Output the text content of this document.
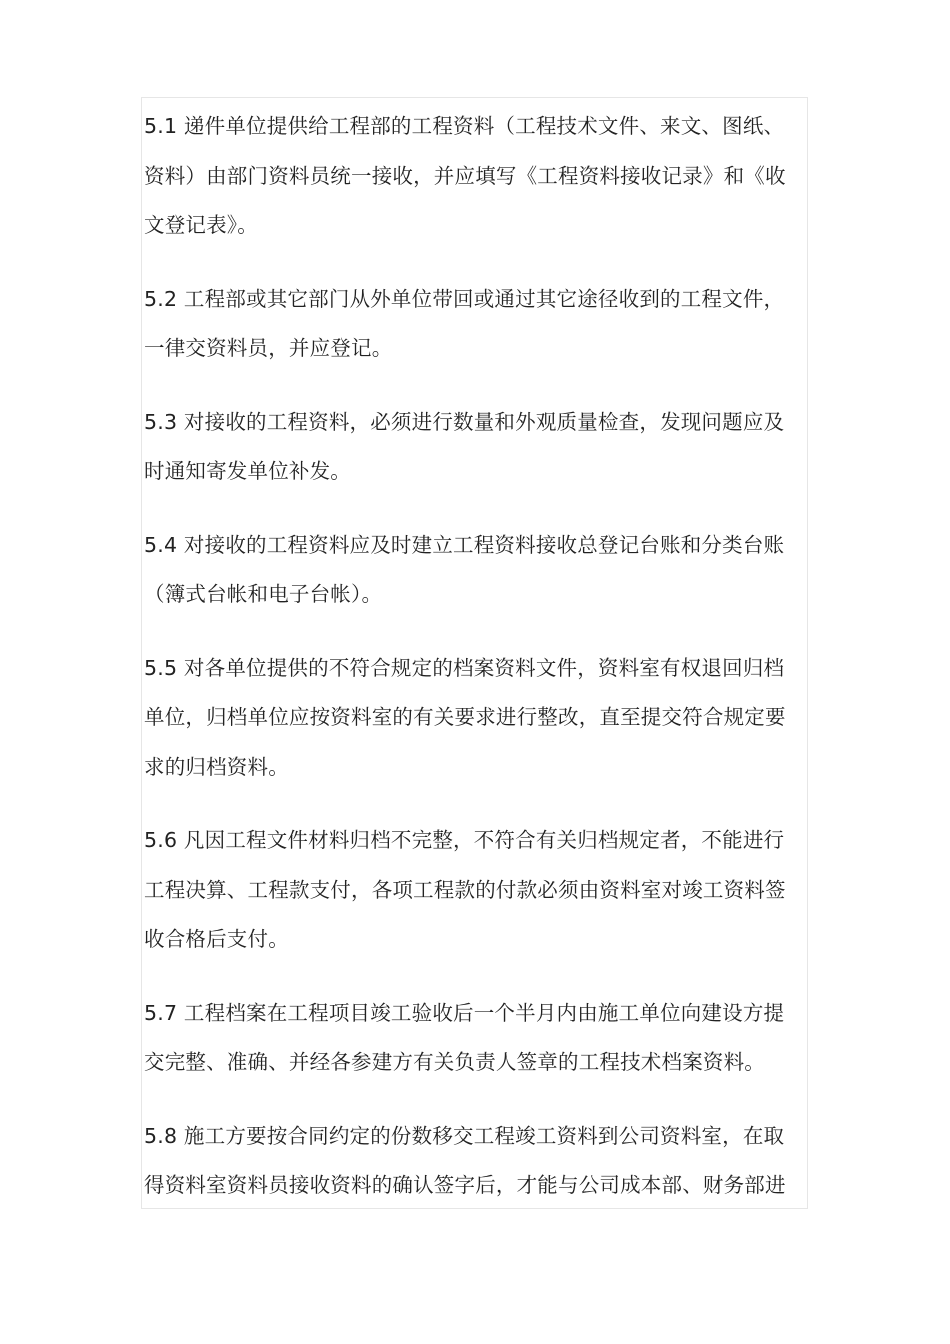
5.1 递件单位提供给工程部的工程资料（工程技术文件、来文、图纸、
资料）由部门资料员统一接收，并应填写《工程资料接收记录》和《收
文登记表》。

5.2 工程部或其它部门从外单位带回或通过其它途径收到的工程文件，
一律交资料员，并应登记。

5.3 对接收的工程资料，必须进行数量和外观质量检查，发现问题应及
时通知寄发单位补发。

5.4 对接收的工程资料应及时建立工程资料接收总登记台账和分类台账
（簿式台帐和电子台帐）。

5.5 对各单位提供的不符合规定的档案资料文件，资料室有权退回归档
单位，归档单位应按资料室的有关要求进行整改，直至提交符合规定要
求的归档资料。

5.6 凡因工程文件材料归档不完整，不符合有关归档规定者，不能进行
工程决算、工程款支付，各项工程款的付款必须由资料室对竣工资料签
收合格后支付。

5.7 工程档案在工程项目竣工验收后一个半月内由施工单位向建设方提
交完整、准确、并经各参建方有关负责人签章的工程技术档案资料。

5.8 施工方要按合同约定的份数移交工程竣工资料到公司资料室，在取
得资料室资料员接收资料的确认签字后，才能与公司成本部、财务部进
